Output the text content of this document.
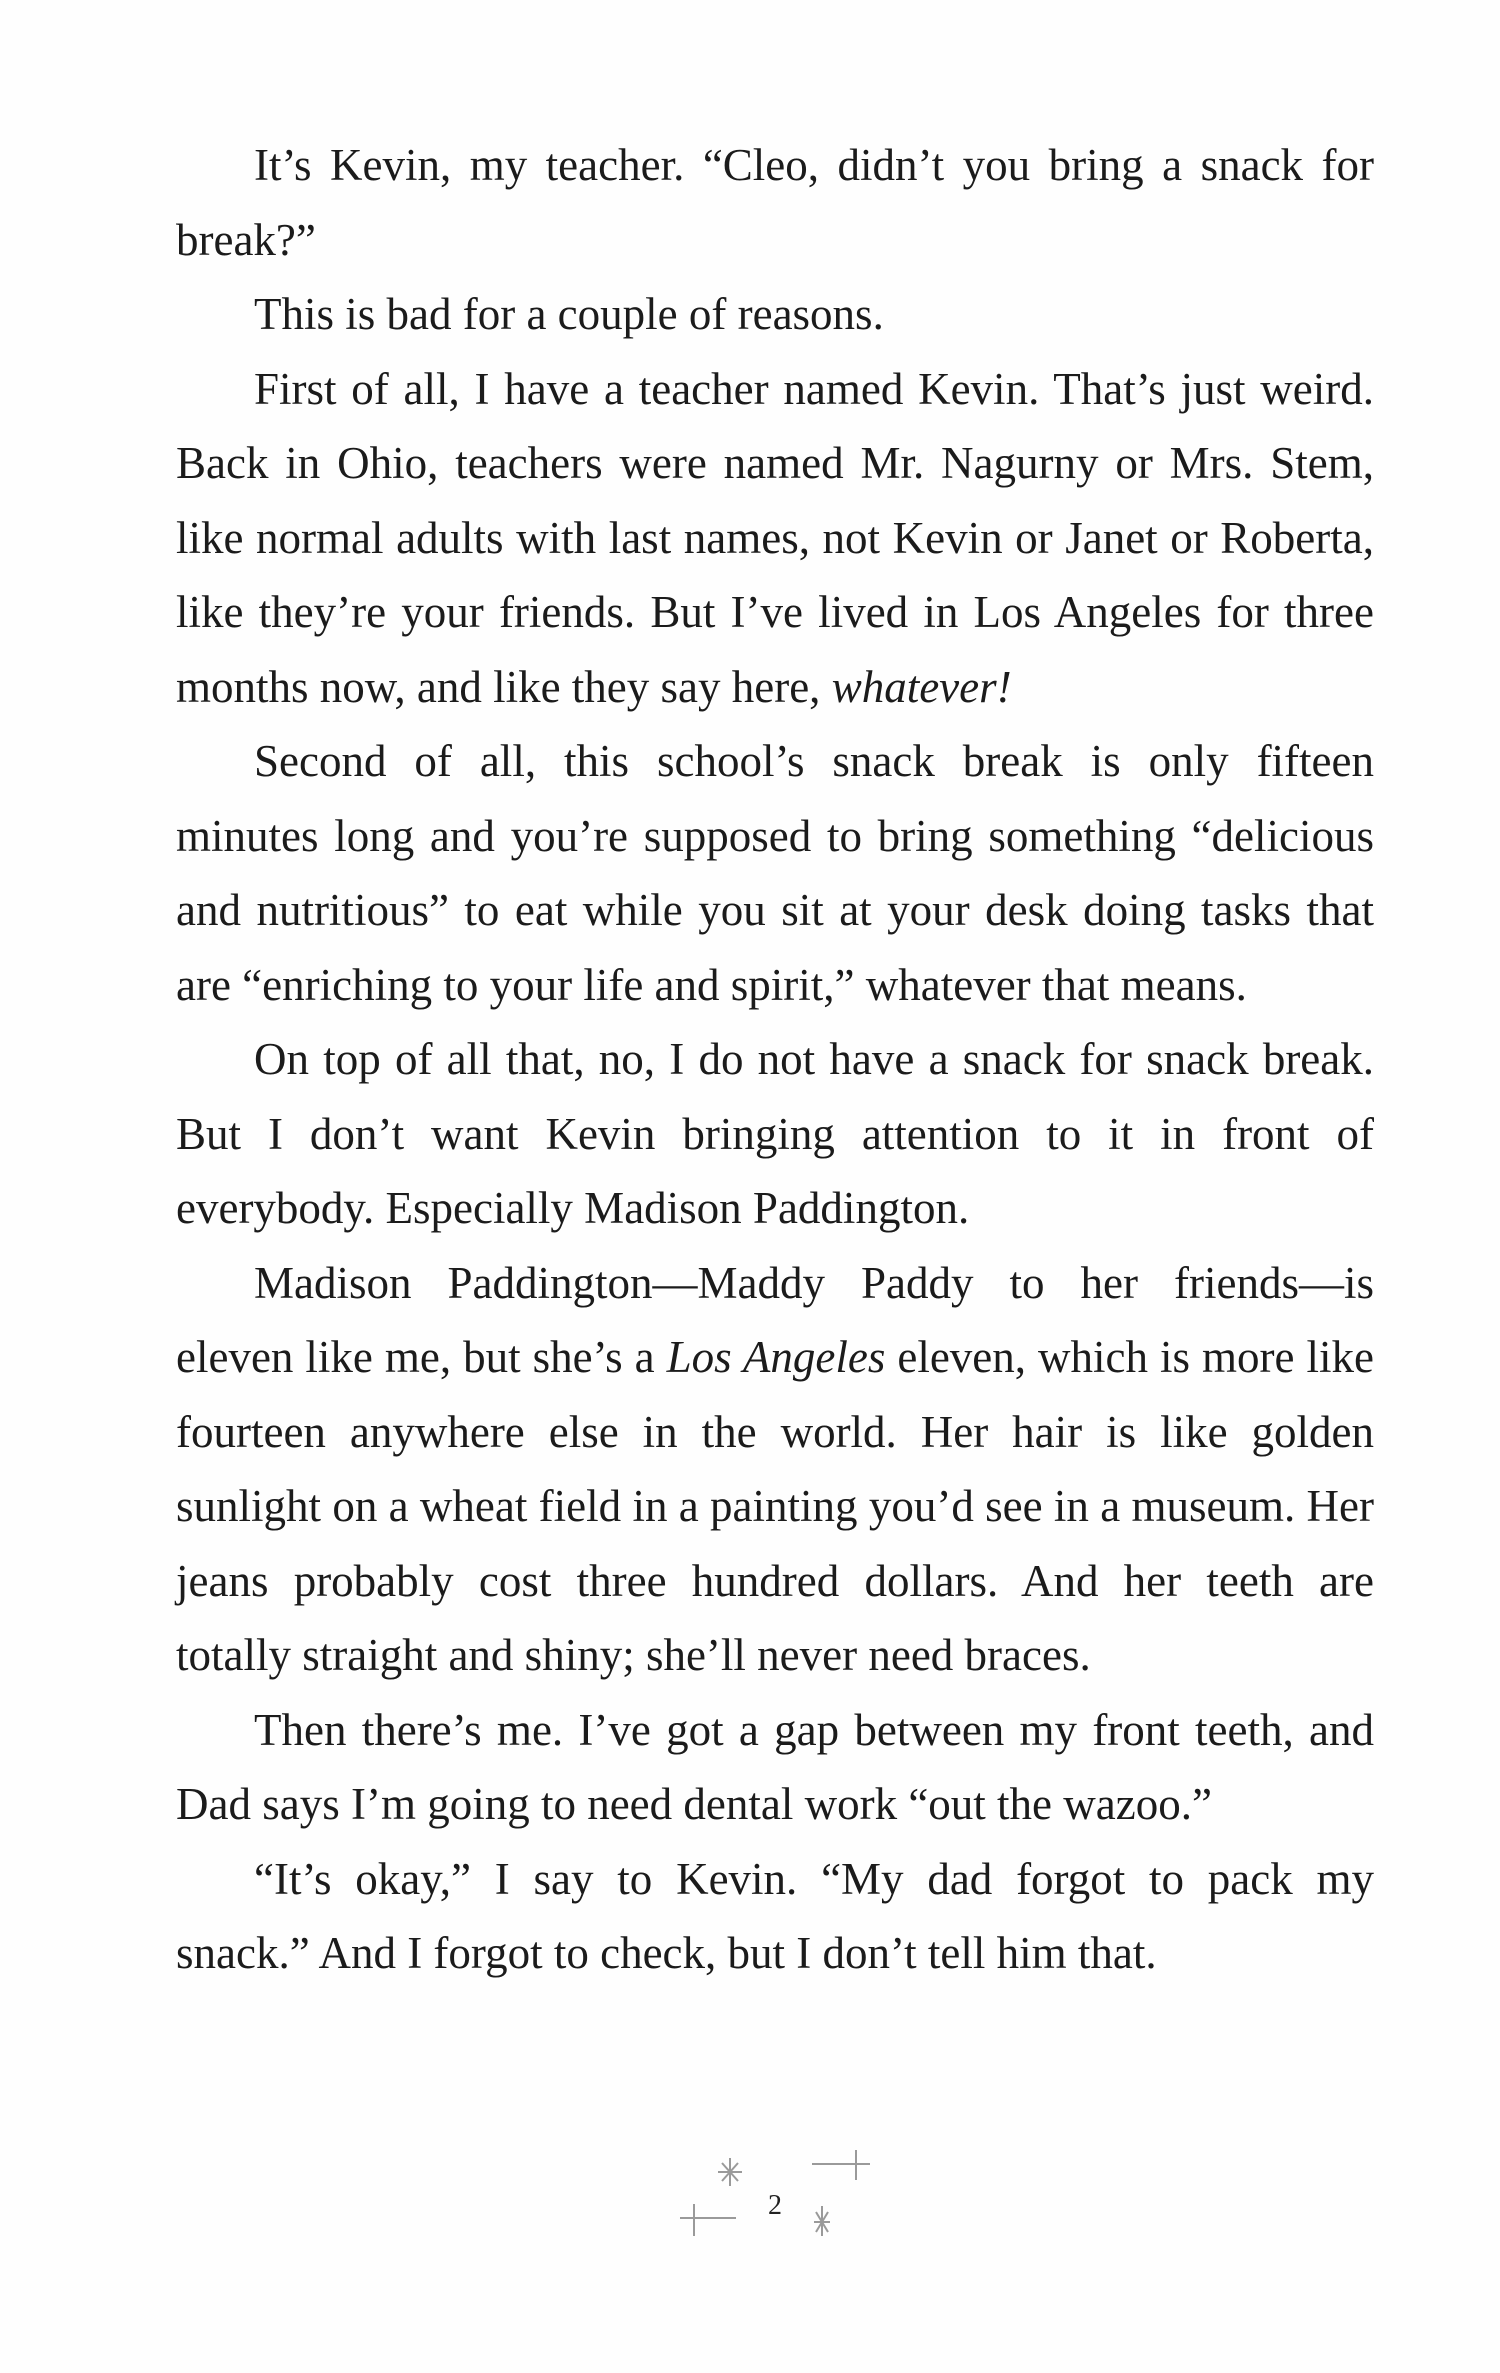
It’s Kevin, my teacher. “Cleo, didn’t you bring a snack for break?”

This is bad for a couple of reasons.

First of all, I have a teacher named Kevin. That’s just weird. Back in Ohio, teachers were named Mr. Nagurny or Mrs. Stem, like normal adults with last names, not Kevin or Janet or Roberta, like they’re your friends. But I’ve lived in Los Angeles for three months now, and like they say here, whatever!

Second of all, this school’s snack break is only fifteen minutes long and you’re supposed to bring something “delicious and nutritious” to eat while you sit at your desk doing tasks that are “enriching to your life and spirit,” whatever that means.

On top of all that, no, I do not have a snack for snack break. But I don’t want Kevin bringing attention to it in front of everybody. Especially Madison Paddington.

Madison Paddington—Maddy Paddy to her friends—is eleven like me, but she’s a Los Angeles eleven, which is more like fourteen anywhere else in the world. Her hair is like golden sunlight on a wheat field in a painting you’d see in a museum. Her jeans probably cost three hundred dollars. And her teeth are totally straight and shiny; she’ll never need braces.

Then there’s me. I’ve got a gap between my front teeth, and Dad says I’m going to need dental work “out the wazoo.”

“It’s okay,” I say to Kevin. “My dad forgot to pack my snack.” And I forgot to check, but I don’t tell him that.

2
